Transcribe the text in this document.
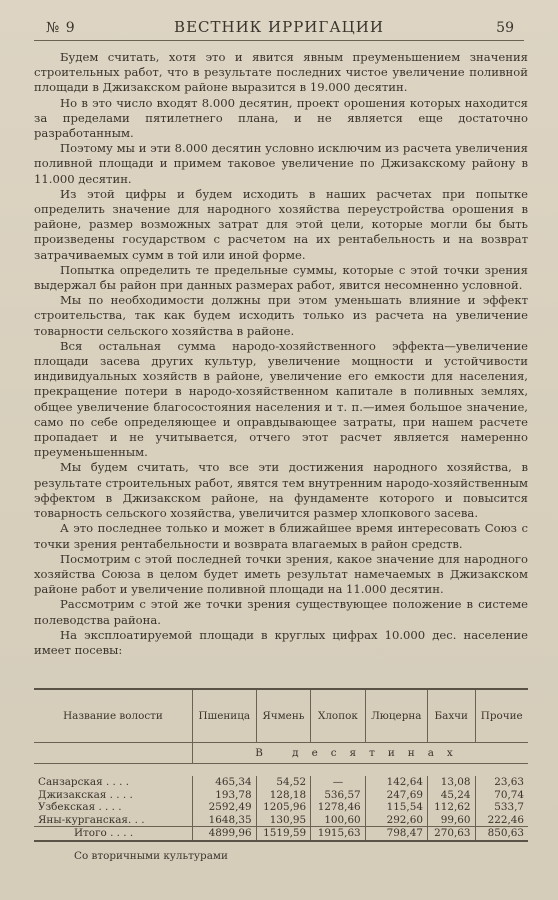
№ 9	ВЕСТНИК ИРРИГАЦИИ	59

Будем считать, хотя это и явится явным преуменьшением значения строительных работ, что в результате последних чистое увеличение поливной площади в Джизакском районе выразится в 19.000 десятин.

Но в это число входят 8.000 десятин, проект орошения которых находится за пределами пятилетнего плана, и не является еще достаточно разработанным.

Поэтому мы и эти 8.000 десятин условно исключим из расчета увеличения поливной площади и примем таковое увеличение по Джизакскому району в 11.000 десятин.

Из этой цифры и будем исходить в наших расчетах при попытке определить значение для народного хозяйства переустройства орошения в районе, размер возможных затрат для этой цели, которые могли бы быть произведены государством с расчетом на их рентабельность и на возврат затрачиваемых сумм в той или иной форме.

Попытка определить те предельные суммы, которые с этой точки зрения выдержал бы район при данных размерах работ, явится несомненно условной.

Мы по необходимости должны при этом уменьшать влияние и эффект строительства, так как будем исходить только из расчета на увеличение товарности сельского хозяйства в районе.

Вся остальная сумма народо-хозяйственного эффекта—увеличение площади засева других культур, увеличение мощности и устойчивости индивидуальных хозяйств в районе, увеличение его емкости для населения, прекращение потери в народо-хозяйственном капитале в поливных землях, общее увеличение благосостояния населения и т. п.—имея большое значение, само по себе определяющее и оправдывающее затраты, при нашем расчете пропадает и не учитывается, отчего этот расчет является намеренно преуменьшенным.

Мы будем считать, что все эти достижения народного хозяйства, в результате строительных работ, явятся тем внутренним народо-хозяйственным эффектом в Джизакском районе, на фундаменте которого и повысится товарность сельского хозяйства, увеличится размер хлопкового засева.

А это последнее только и может в ближайшее время интересовать Союз с точки зрения рентабельности и возврата влагаемых в район средств.

Посмотрим с этой последней точки зрения, какое значение для народного хозяйства Союза в целом будет иметь результат намечаемых в Джизакском районе работ и увеличение поливной площади на 11.000 десятин.

Рассмотрим с этой же точки зрения существующее положение в системе полеводства района.

На эксплоатируемой площади в круглых цифрах 10.000 дес. население имеет посевы:

Название волости	Пшеница	Ячмень	Хлопок	Люцерна	Бахчи	Прочие
	В десятинах					

Санзарская . . . .	465,34	54,52	—	142,64	13,08	23,63
Джизакская . . . .	193,78	128,18	536,57	247,69	45,24	70,74
Узбекская . . . .	2592,49	1205,96	1278,46	115,54	112,62	533,7
Яны-курганская. . .	1648,35	130,95	100,60	292,60	99,60	222,46
Итого . . . .	4899,96	1519,59	1915,63	798,47	270,63	850,63
Со вторичными культурами
